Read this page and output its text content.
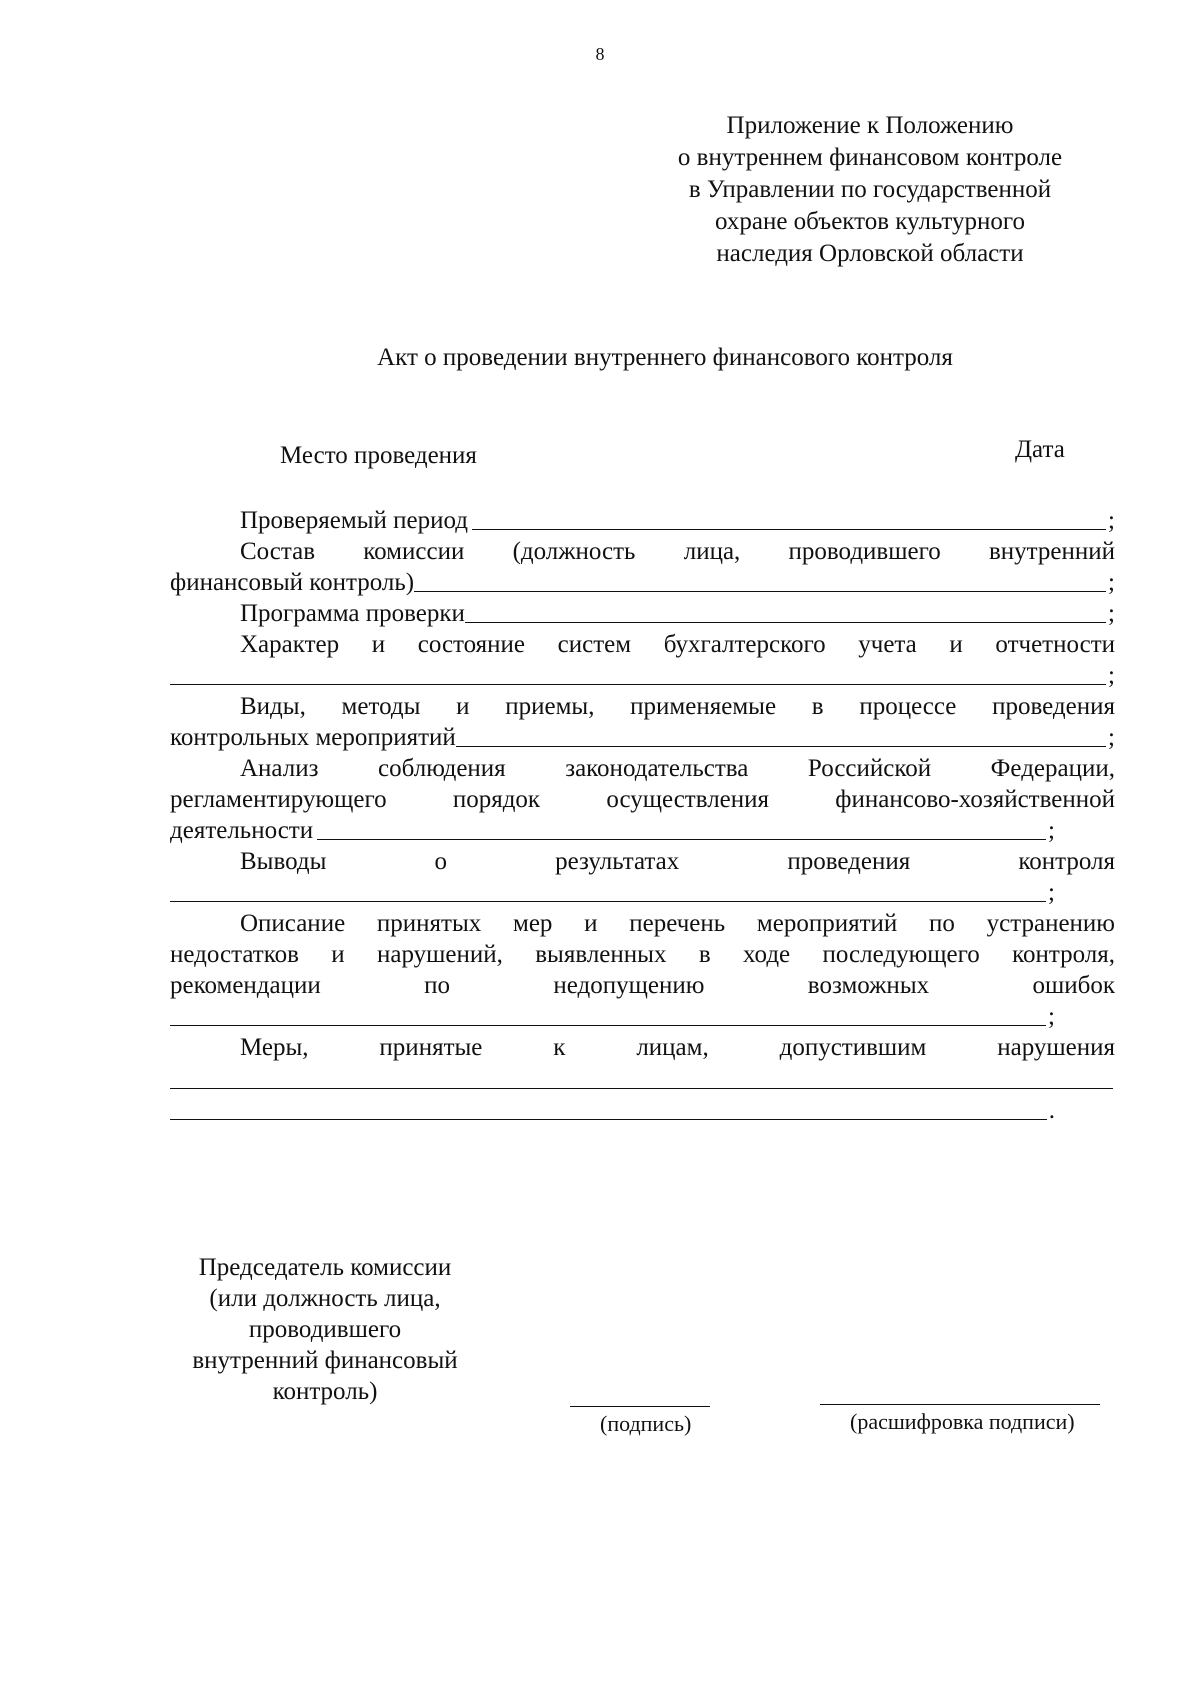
8
Приложение к Положению
о внутреннем финансовом контроле
в Управлении по государственной
охране объектов культурного
наследия Орловской области
Акт о проведении внутреннего финансового контроля
Место проведения	Дата
Проверяемый период	;
Состав комиссии (должность лица, проводившего внутренний
финансовый контроль)	;
Программа проверки	;
Характер и состояние систем бухгалтерского учета и отчетности
;
Виды, методы и приемы, применяемые в процессе проведения
контрольных мероприятий	;
Анализ соблюдения законодательства Российской Федерации,
регламентирующего порядок осуществления финансово-хозяйственной
деятельности	;
Выводы о результатах проведения контроля
;
Описание принятых мер и перечень мероприятий по устранению
недостатков и нарушений, выявленных в ходе последующего контроля,
рекомендации по недопущению возможных ошибок
;
Меры, принятые к лицам, допустившим нарушения
.
Председатель комиссии
(или должность лица,
проводившего
внутренний финансовый
контроль)
(подпись)	(расшифровка подписи)
